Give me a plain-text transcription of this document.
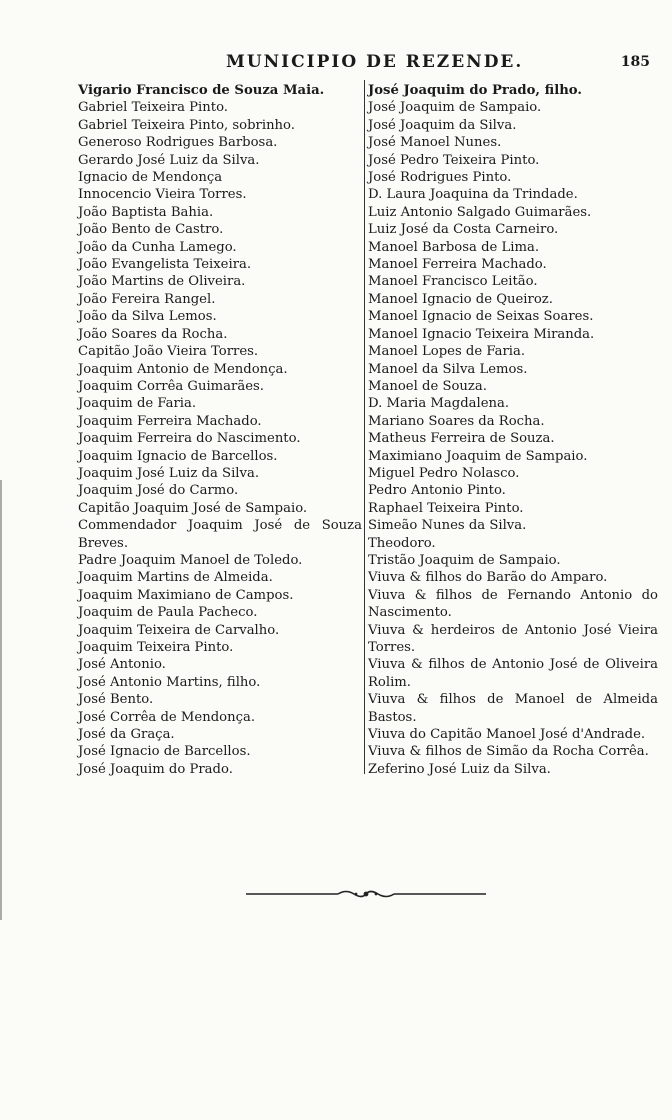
MUNICIPIO DE REZENDE.	185
Vigario Francisco de Souza Maia.
Gabriel Teixeira Pinto.
Gabriel Teixeira Pinto, sobrinho.
Generoso Rodrigues Barbosa.
Gerardo José Luiz da Silva.
Ignacio de Mendonça
Innocencio Vieira Torres.
João Baptista Bahia.
João Bento de Castro.
João da Cunha Lamego.
João Evangelista Teixeira.
João Martins de Oliveira.
João Fereira Rangel.
João da Silva Lemos.
João Soares da Rocha.
Capitão João Vieira Torres.
Joaquim Antonio de Mendonça.
Joaquim Corrêa Guimarães.
Joaquim de Faria.
Joaquim Ferreira Machado.
Joaquim Ferreira do Nascimento.
Joaquim Ignacio de Barcellos.
Joaquim José Luiz da Silva.
Joaquim José do Carmo.
Capitão Joaquim José de Sampaio.
Commendador Joaquim José de Souza Breves.
Padre Joaquim Manoel de Toledo.
Joaquim Martins de Almeida.
Joaquim Maximiano de Campos.
Joaquim de Paula Pacheco.
Joaquim Teixeira de Carvalho.
Joaquim Teixeira Pinto.
José Antonio.
José Antonio Martins, filho.
José Bento.
José Corrêa de Mendonça.
José da Graça.
José Ignacio de Barcellos.
José Joaquim do Prado.
José Joaquim do Prado, filho.
José Joaquim de Sampaio.
José Joaquim da Silva.
José Manoel Nunes.
José Pedro Teixeira Pinto.
José Rodrigues Pinto.
D. Laura Joaquina da Trindade.
Luiz Antonio Salgado Guimarães.
Luiz José da Costa Carneiro.
Manoel Barbosa de Lima.
Manoel Ferreira Machado.
Manoel Francisco Leitão.
Manoel Ignacio de Queiroz.
Manoel Ignacio de Seixas Soares.
Manoel Ignacio Teixeira Miranda.
Manoel Lopes de Faria.
Manoel da Silva Lemos.
Manoel de Souza.
D. Maria Magdalena.
Mariano Soares da Rocha.
Matheus Ferreira de Souza.
Maximiano Joaquim de Sampaio.
Miguel Pedro Nolasco.
Pedro Antonio Pinto.
Raphael Teixeira Pinto.
Simeão Nunes da Silva.
Theodoro.
Tristão Joaquim de Sampaio.
Viuva & filhos do Barão do Amparo.
Viuva & filhos de Fernando Antonio do Nascimento.
Viuva & herdeiros de Antonio José Vieira Torres.
Viuva & filhos de Antonio José de Oliveira Rolim.
Viuva & filhos de Manoel de Almeida Bastos.
Viuva do Capitão Manoel José d'Andrade.
Viuva & filhos de Simão da Rocha Corrêa.
Zeferino José Luiz da Silva.
